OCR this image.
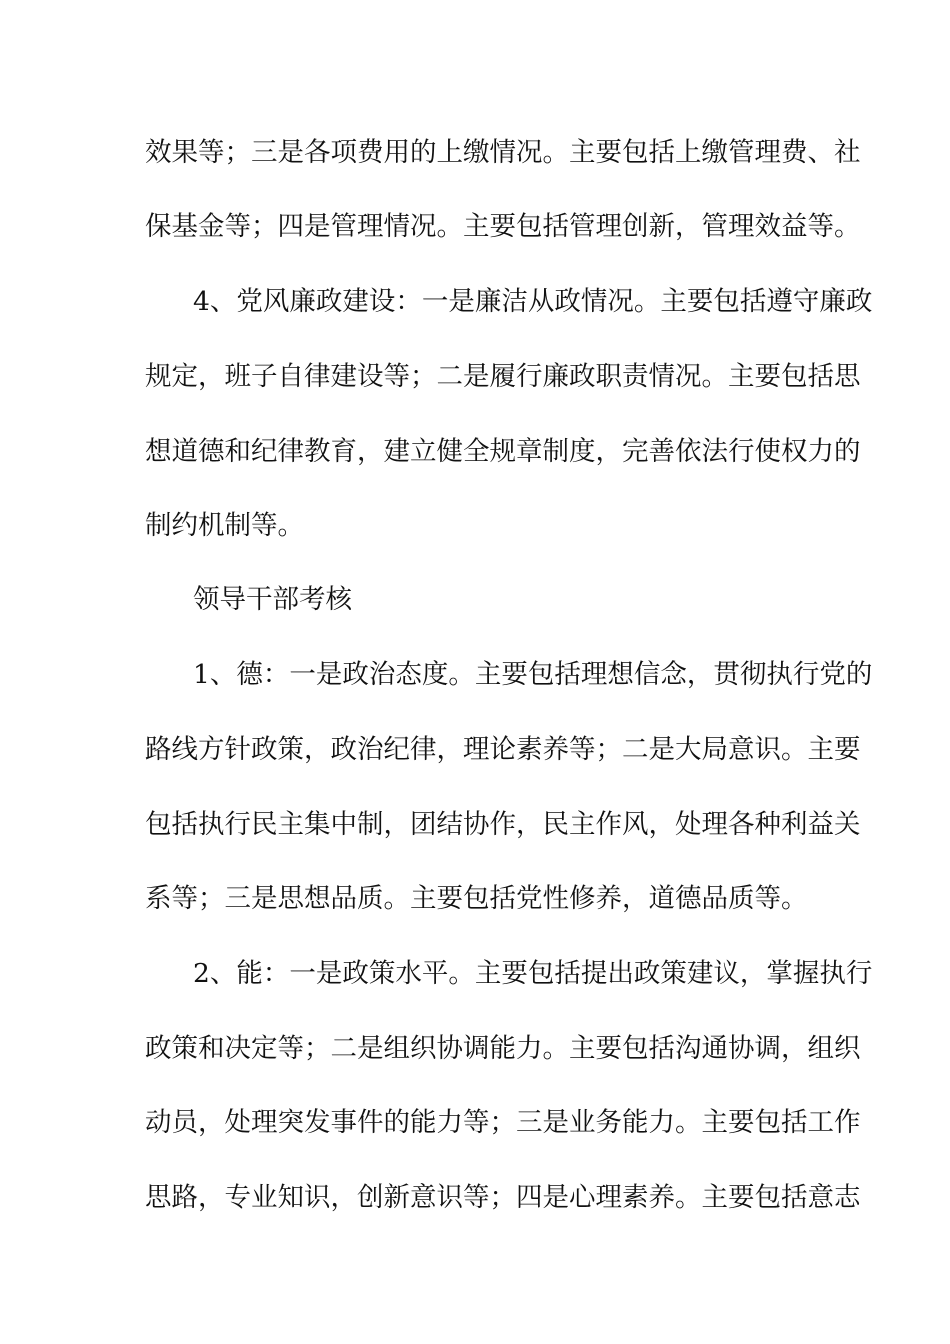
效果等；三是各项费用的上缴情况。主要包括上缴管理费、社
保基金等；四是管理情况。主要包括管理创新，管理效益等。
4、党风廉政建设：一是廉洁从政情况。主要包括遵守廉政
规定，班子自律建设等；二是履行廉政职责情况。主要包括思
想道德和纪律教育，建立健全规章制度，完善依法行使权力的
制约机制等。
领导干部考核
1、德：一是政治态度。主要包括理想信念，贯彻执行党的
路线方针政策，政治纪律，理论素养等；二是大局意识。主要
包括执行民主集中制，团结协作，民主作风，处理各种利益关
系等；三是思想品质。主要包括党性修养，道德品质等。
2、能：一是政策水平。主要包括提出政策建议，掌握执行
政策和决定等；二是组织协调能力。主要包括沟通协调，组织
动员，处理突发事件的能力等；三是业务能力。主要包括工作
思路，专业知识，创新意识等；四是心理素养。主要包括意志
